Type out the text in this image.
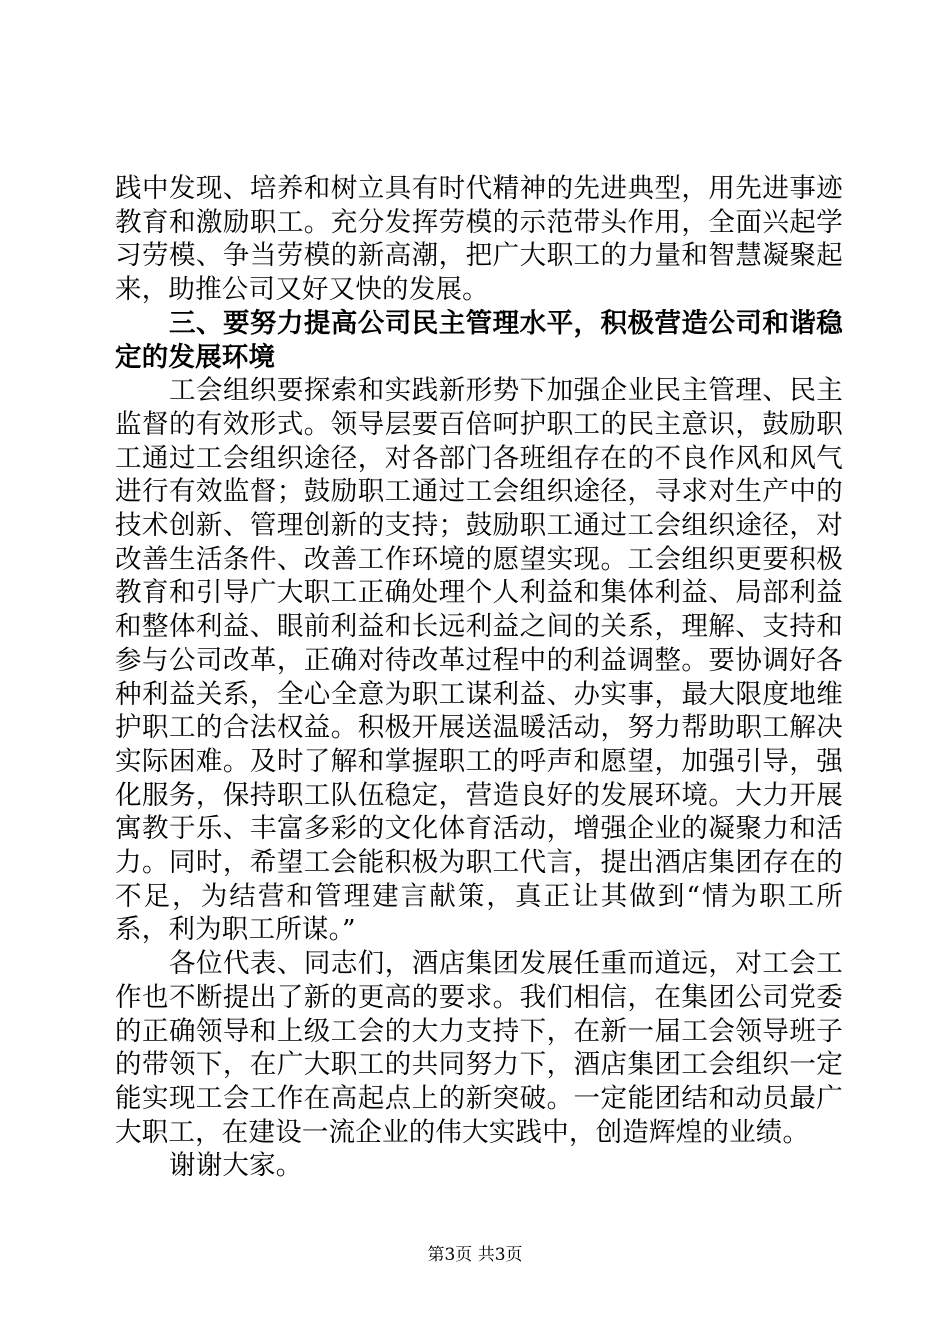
践中发现、培养和树立具有时代精神的先进典型，用先进事迹教育和激励职工。充分发挥劳模的示范带头作用，全面兴起学习劳模、争当劳模的新高潮，把广大职工的力量和智慧凝聚起来，助推公司又好又快的发展。

三、要努力提高公司民主管理水平，积极营造公司和谐稳定的发展环境

工会组织要探索和实践新形势下加强企业民主管理、民主监督的有效形式。领导层要百倍呵护职工的民主意识，鼓励职工通过工会组织途径，对各部门各班组存在的不良作风和风气进行有效监督；鼓励职工通过工会组织途径，寻求对生产中的技术创新、管理创新的支持；鼓励职工通过工会组织途径，对改善生活条件、改善工作环境的愿望实现。工会组织更要积极教育和引导广大职工正确处理个人利益和集体利益、局部利益和整体利益、眼前利益和长远利益之间的关系，理解、支持和参与公司改革，正确对待改革过程中的利益调整。要协调好各种利益关系，全心全意为职工谋利益、办实事，最大限度地维护职工的合法权益。积极开展送温暖活动，努力帮助职工解决实际困难。及时了解和掌握职工的呼声和愿望，加强引导，强化服务，保持职工队伍稳定，营造良好的发展环境。大力开展寓教于乐、丰富多彩的文化体育活动，增强企业的凝聚力和活力。同时，希望工会能积极为职工代言，提出酒店集团存在的不足，为结营和管理建言献策，真正让其做到“情为职工所系，利为职工所谋。”

各位代表、同志们，酒店集团发展任重而道远，对工会工作也不断提出了新的更高的要求。我们相信，在集团公司党委的正确领导和上级工会的大力支持下，在新一届工会领导班子的带领下，在广大职工的共同努力下，酒店集团工会组织一定能实现工会工作在高起点上的新突破。一定能团结和动员最广大职工，在建设一流企业的伟大实践中，创造辉煌的业绩。

谢谢大家。

第3页 共3页
